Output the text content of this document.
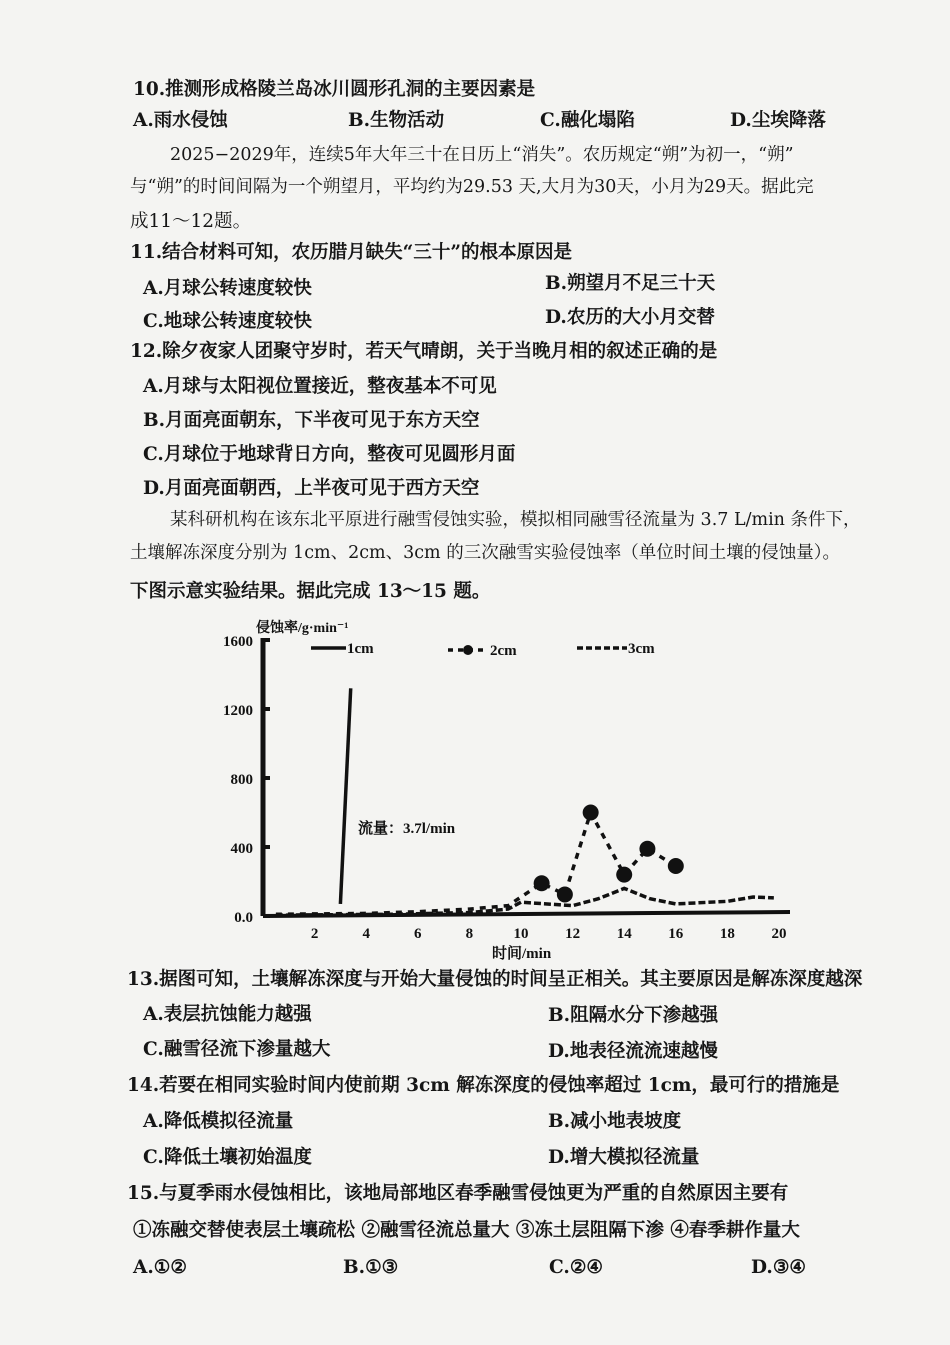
10.推测形成格陵兰岛冰川圆形孔洞的主要因素是
A.雨水侵蚀	B.生物活动	C.融化塌陷	D.尘埃降落
2025−2029年，连续5年大年三十在日历上“消失”。农历规定“朔”为初一，“朔”
与“朔”的时间间隔为一个朔望月，平均约为29.53 天,大月为30天，小月为29天。据此完
成11～12题。
11.结合材料可知，农历腊月缺失“三十”的根本原因是
A.月球公转速度较快	B.朔望月不足三十天
C.地球公转速度较快	D.农历的大小月交替
12.除夕夜家人团聚守岁时，若天气晴朗，关于当晚月相的叙述正确的是
A.月球与太阳视位置接近，整夜基本不可见
B.月面亮面朝东，下半夜可见于东方天空
C.月球位于地球背日方向，整夜可见圆形月面
D.月面亮面朝西，上半夜可见于西方天空
某科研机构在该东北平原进行融雪侵蚀实验，模拟相同融雪径流量为 3.7 L/min 条件下，
土壤解冻深度分别为 1cm、2cm、3cm 的三次融雪实验侵蚀率（单位时间土壤的侵蚀量）。
下图示意实验结果。据此完成 13～15 题。
0.0
400
800
1200
1600
2	4	6	8	10 12 14 16 18 20
侵蚀率/g·min⁻¹
时间/min
流量：3.7l/min
1cm	2cm	3cm
13.据图可知，土壤解冻深度与开始大量侵蚀的时间呈正相关。其主要原因是解冻深度越深
A.表层抗蚀能力越强	B.阻隔水分下渗越强
C.融雪径流下渗量越大	D.地表径流流速越慢
14.若要在相同实验时间内使前期 3cm 解冻深度的侵蚀率超过 1cm，最可行的措施是
A.降低模拟径流量	B.减小地表坡度
C.降低土壤初始温度	D.增大模拟径流量
15.与夏季雨水侵蚀相比，该地局部地区春季融雪侵蚀更为严重的自然原因主要有
①冻融交替使表层土壤疏松 ②融雪径流总量大 ③冻土层阻隔下渗 ④春季耕作量大
A.①②	B.①③	C.②④	D.③④
